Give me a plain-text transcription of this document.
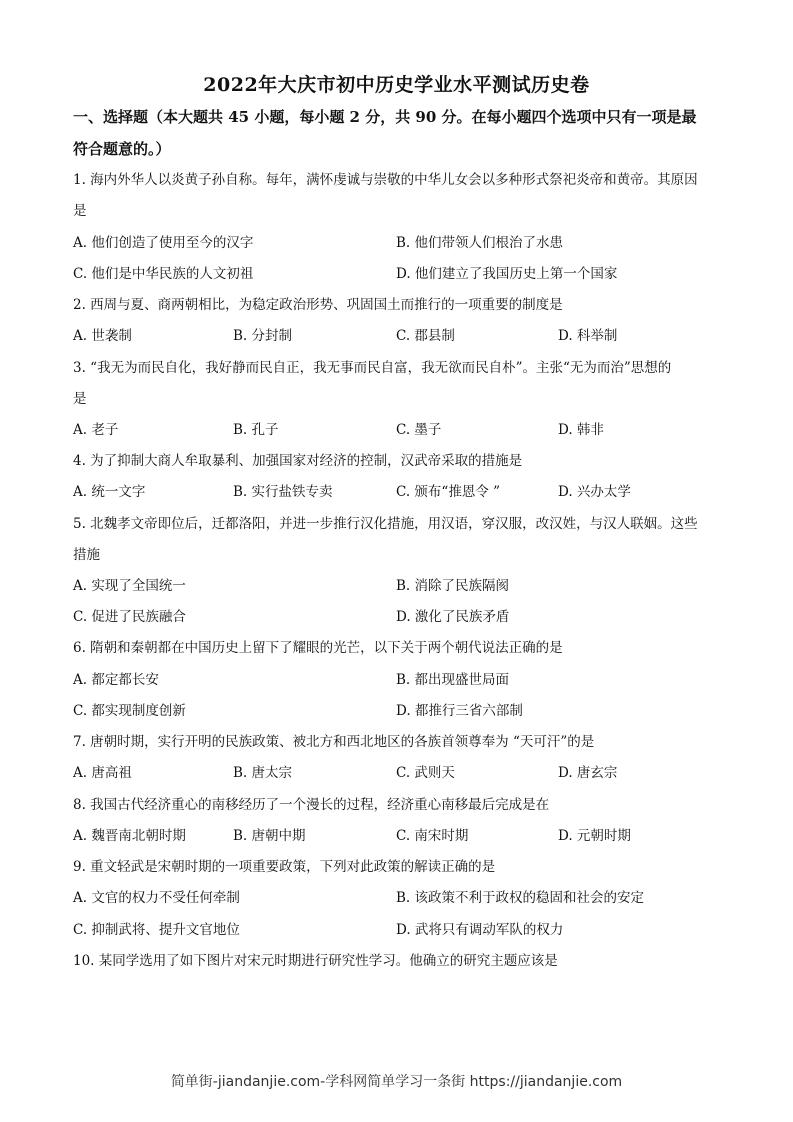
2022年大庆市初中历史学业水平测试历史卷
一、选择题（本大题共 45 小题，每小题 2 分，共 90 分。在每小题四个选项中只有一项是最
符合题意的。）
1. 海内外华人以炎黄子孙自称。每年，满怀虔诚与崇敬的中华儿女会以多种形式祭祀炎帝和黄帝。其原因
是
A. 他们创造了使用至今的汉字	B. 他们带领人们根治了水患
C. 他们是中华民族的人文初祖	D. 他们建立了我国历史上第一个国家
2. 西周与夏、商两朝相比，为稳定政治形势、巩固国土而推行的一项重要的制度是
A. 世袭制	B. 分封制	C. 郡县制	D. 科举制
3. “我无为而民自化，我好静而民自正，我无事而民自富，我无欲而民自朴”。主张“无为而治”思想的
是
A. 老子	B. 孔子	C. 墨子	D. 韩非
4. 为了抑制大商人牟取暴利、加强国家对经济的控制，汉武帝采取的措施是
A. 统一文字	B. 实行盐铁专卖	C. 颁布“推恩令 ”	D. 兴办太学
5. 北魏孝文帝即位后，迁都洛阳，并进一步推行汉化措施，用汉语，穿汉服，改汉姓，与汉人联姻。这些
措施
A. 实现了全国统一	B. 消除了民族隔阂
C. 促进了民族融合	D. 激化了民族矛盾
6. 隋朝和秦朝都在中国历史上留下了耀眼的光芒，以下关于两个朝代说法正确的是
A. 都定都长安	B. 都出现盛世局面
C. 都实现制度创新	D. 都推行三省六部制
7. 唐朝时期，实行开明的民族政策、被北方和西北地区的各族首领尊奉为 “天可汗”的是
A. 唐高祖	B. 唐太宗	C. 武则天	D. 唐玄宗
8. 我国古代经济重心的南移经历了一个漫长的过程，经济重心南移最后完成是在
A. 魏晋南北朝时期	B. 唐朝中期	C. 南宋时期	D. 元朝时期
9. 重文轻武是宋朝时期的一项重要政策，下列对此政策的解读正确的是
A. 文官的权力不受任何牵制	B. 该政策不利于政权的稳固和社会的安定
C. 抑制武将、提升文官地位	D. 武将只有调动军队的权力
10. 某同学选用了如下图片对宋元时期进行研究性学习。他确立的研究主题应该是
简单街-jiandanjie.com-学科网简单学习一条街 https://jiandanjie.com
